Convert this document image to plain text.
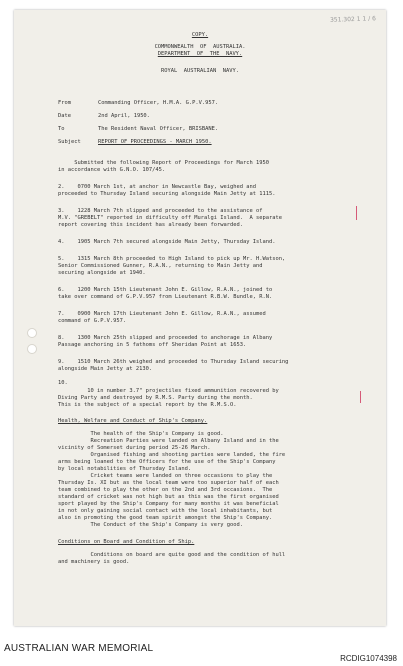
351.302 1 1 / 6
COPY.
COMMONWEALTH  OF  AUSTRALIA.
DEPARTMENT  OF  THE  NAVY.
ROYAL  AUSTRALIAN  NAVY.
From	Commanding Officer, H.M.A. G.P.V.957.
Date	2nd April, 1950.
To	The Resident Naval Officer, BRISBANE.
Subject	REPORT OF PROCEEDINGS - MARCH 1950.
Submitted the following Report of Proceedings for March 1950
in accordance with G.N.O. 107/45.
2.    0700 March 1st, at anchor in Newcastle Bay, weighed and
proceeded to Thursday Island securing alongside Main Jetty at 1115.
3.    1228 March 7th slipped and proceeded to the assistance of
M.V. "GREBELT" reported in difficulty off Muralgi Island.  A separate
report covering this incident has already been forwarded.
4.    1905 March 7th secured alongside Main Jetty, Thursday Island.
5.    1315 March 8th proceeded to High Island to pick up Mr. H.Watson,
Senior Commissioned Gunner, R.A.N., returning to Main Jetty and
securing alongside at 1940.
6.    1200 March 15th Lieutenant John E. Gillow, R.A.N., joined to
take over command of G.P.V.957 from Lieutenant R.B.W. Bundle, R.N.
7.    0900 March 17th Lieutenant John E. Gillow, R.A.N., assumed
command of G.P.V.957.
8.    1300 March 25th slipped and proceeded to anchorage in Albany
Passage anchoring in 5 fathoms off Sheridan Point at 1653.
9.    1510 March 26th weighed and proceeded to Thursday Island securing
alongside Main Jetty at 2130.
10.
10 in number 3.7" projectiles fixed ammunition recovered by
Diving Party and destroyed by R.M.S. Party during the month.
This is the subject of a special report by the R.M.S.O.
Health, Welfare and Conduct of Ship's Company.
The health of the Ship's Company is good.
Recreation Parties were landed on Albany Island and in the
vicinity of Somerset during period 25-26 March.
Organised fishing and shooting parties were landed, the fire
arms being loaned to the Officers for the use of the Ship's Company
by local notabilities of Thursday Island.
Cricket teams were landed on three occasions to play the
Thursday Is. XI but as the local team were too superior half of each
team combined to play the other on the 2nd and 3rd occasions.  The
standard of cricket was not high but as this was the first organised
sport played by the Ship's Company for many months it was beneficial
in not only gaining social contact with the local inhabitants, but
also in promoting the good team spirit amongst the Ship's Company.
The Conduct of the Ship's Company is very good.
Conditions on Board and Condition of Ship.
Conditions on board are quite good and the condition of hull
and machinery is good.
AUSTRALIAN WAR MEMORIAL
RCDIG1074398
